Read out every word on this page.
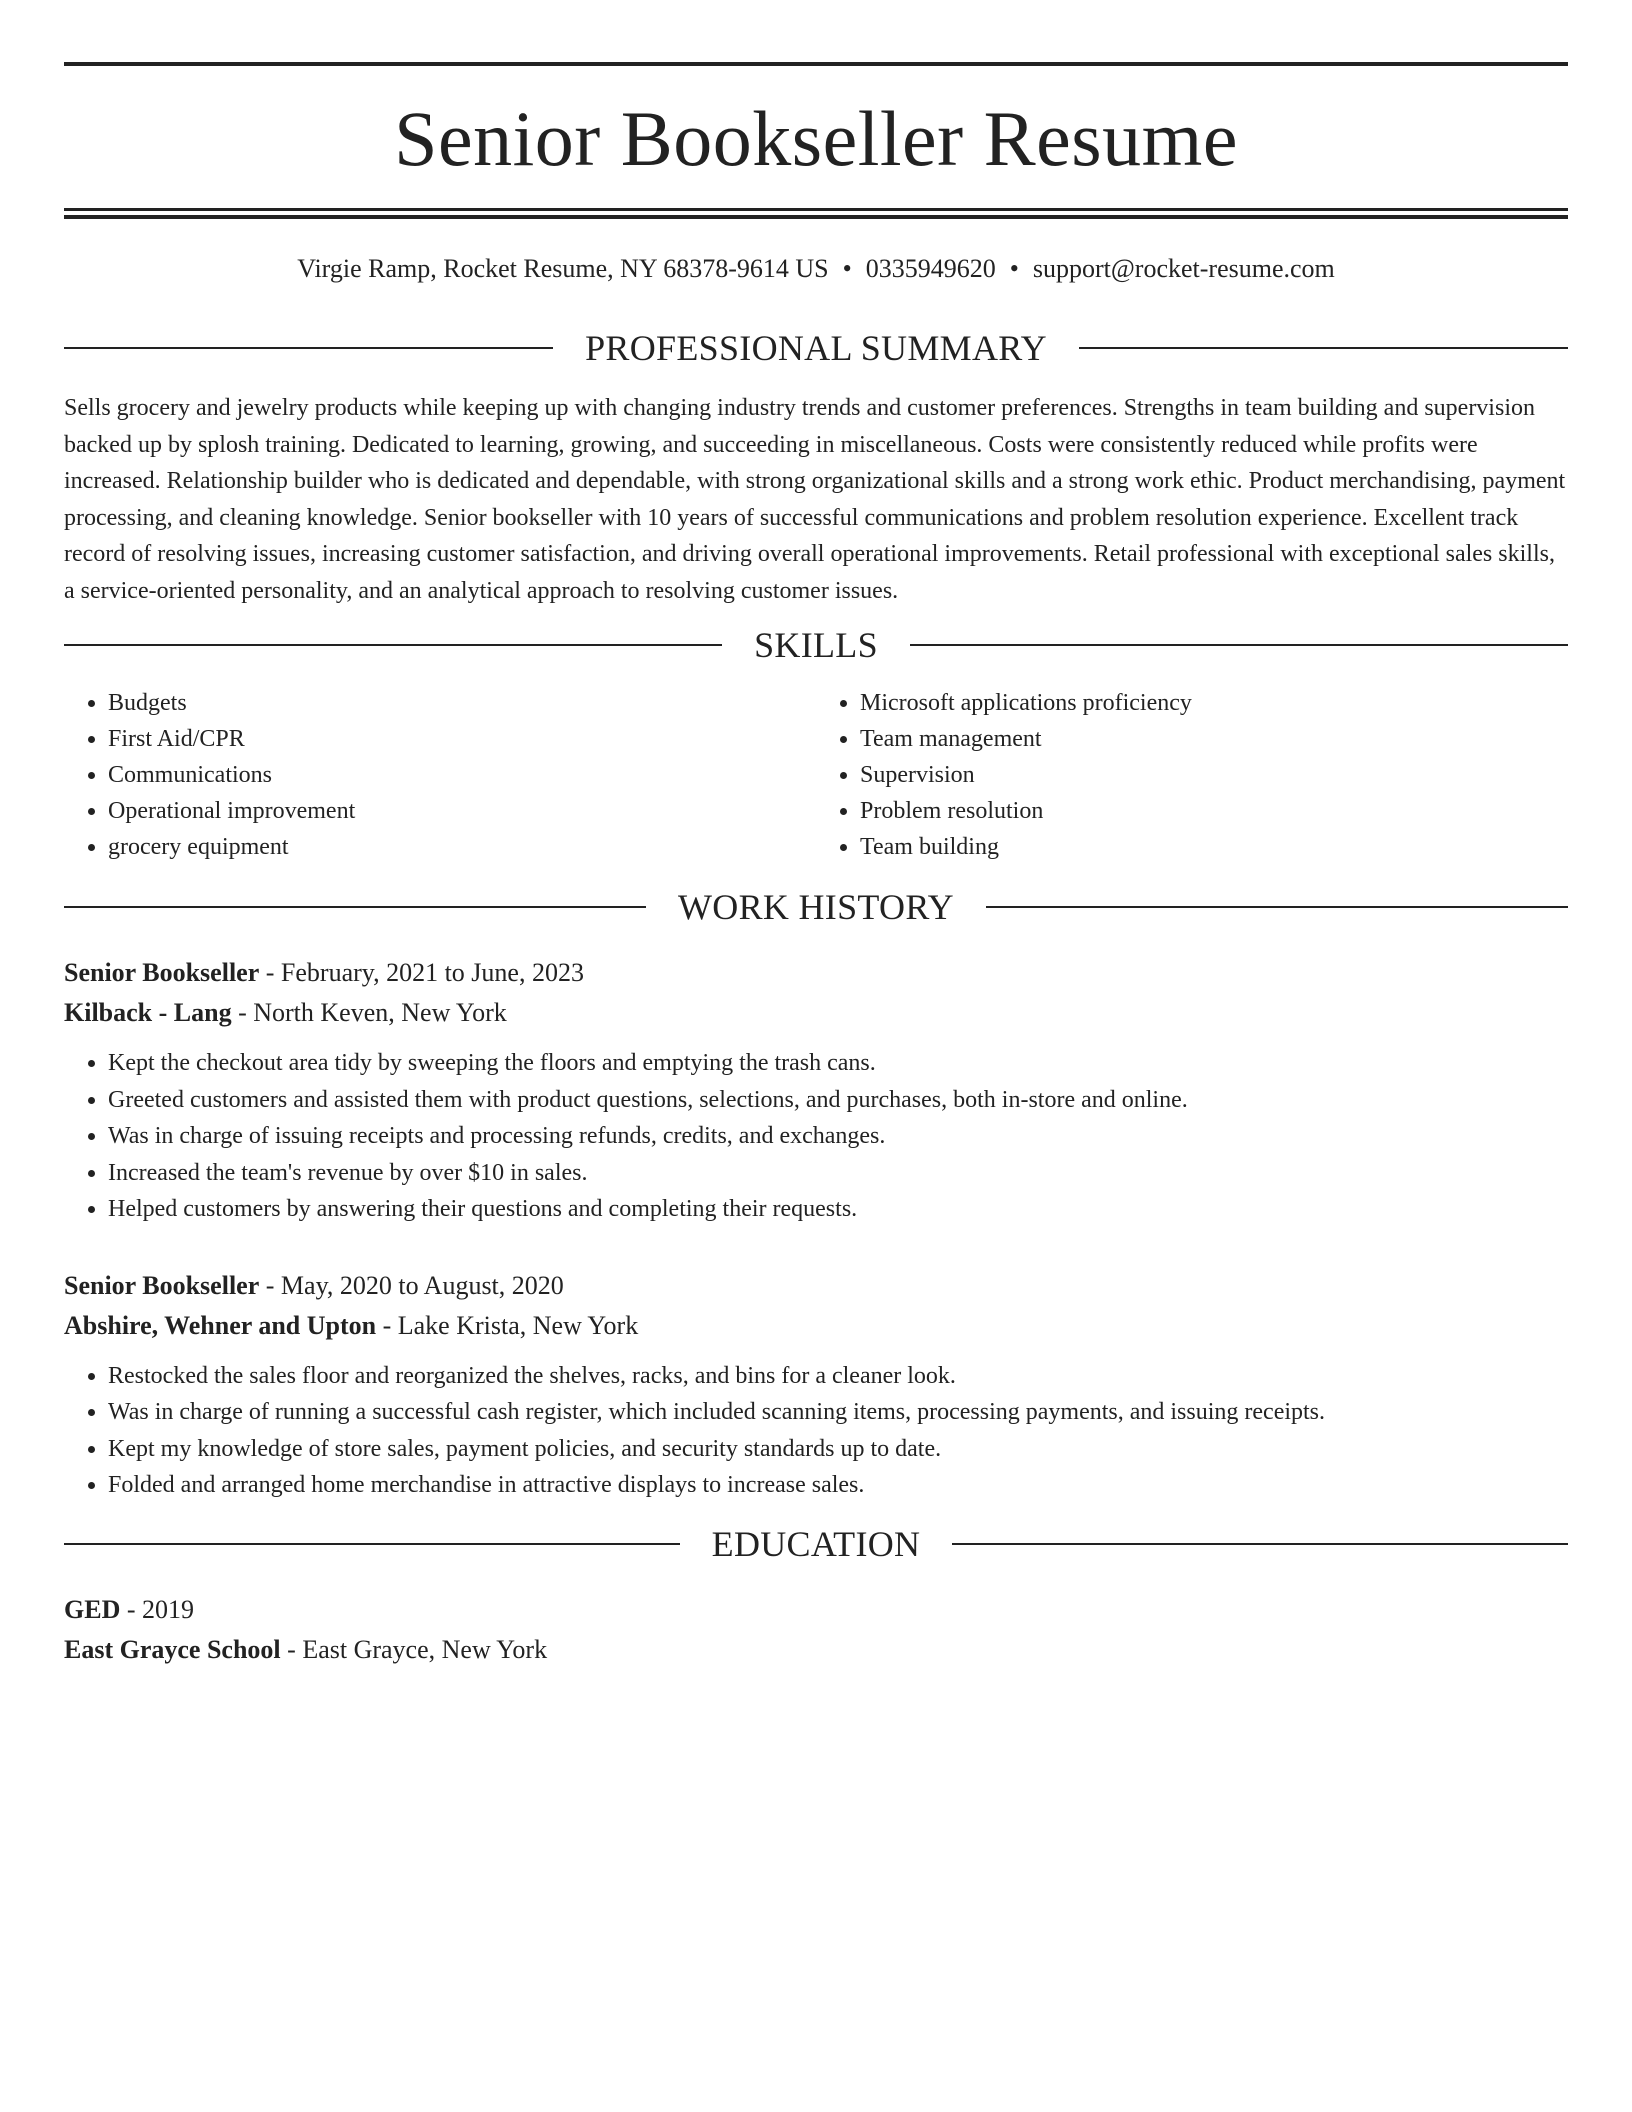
Senior Bookseller Resume
Virgie Ramp, Rocket Resume, NY 68378-9614 US • 0335949620 • support@rocket-resume.com
PROFESSIONAL SUMMARY
Sells grocery and jewelry products while keeping up with changing industry trends and customer preferences. Strengths in team building and supervision backed up by splosh training. Dedicated to learning, growing, and succeeding in miscellaneous. Costs were consistently reduced while profits were increased. Relationship builder who is dedicated and dependable, with strong organizational skills and a strong work ethic. Product merchandising, payment processing, and cleaning knowledge. Senior bookseller with 10 years of successful communications and problem resolution experience. Excellent track record of resolving issues, increasing customer satisfaction, and driving overall operational improvements. Retail professional with exceptional sales skills, a service-oriented personality, and an analytical approach to resolving customer issues.
SKILLS
• Budgets
• First Aid/CPR
• Communications
• Operational improvement
• grocery equipment
• Microsoft applications proficiency
• Team management
• Supervision
• Problem resolution
• Team building
WORK HISTORY
Senior Bookseller - February, 2021 to June, 2023
Kilback - Lang - North Keven, New York
• Kept the checkout area tidy by sweeping the floors and emptying the trash cans.
• Greeted customers and assisted them with product questions, selections, and purchases, both in-store and online.
• Was in charge of issuing receipts and processing refunds, credits, and exchanges.
• Increased the team's revenue by over $10 in sales.
• Helped customers by answering their questions and completing their requests.
Senior Bookseller - May, 2020 to August, 2020
Abshire, Wehner and Upton - Lake Krista, New York
• Restocked the sales floor and reorganized the shelves, racks, and bins for a cleaner look.
• Was in charge of running a successful cash register, which included scanning items, processing payments, and issuing receipts.
• Kept my knowledge of store sales, payment policies, and security standards up to date.
• Folded and arranged home merchandise in attractive displays to increase sales.
EDUCATION
GED - 2019
East Grayce School - East Grayce, New York
